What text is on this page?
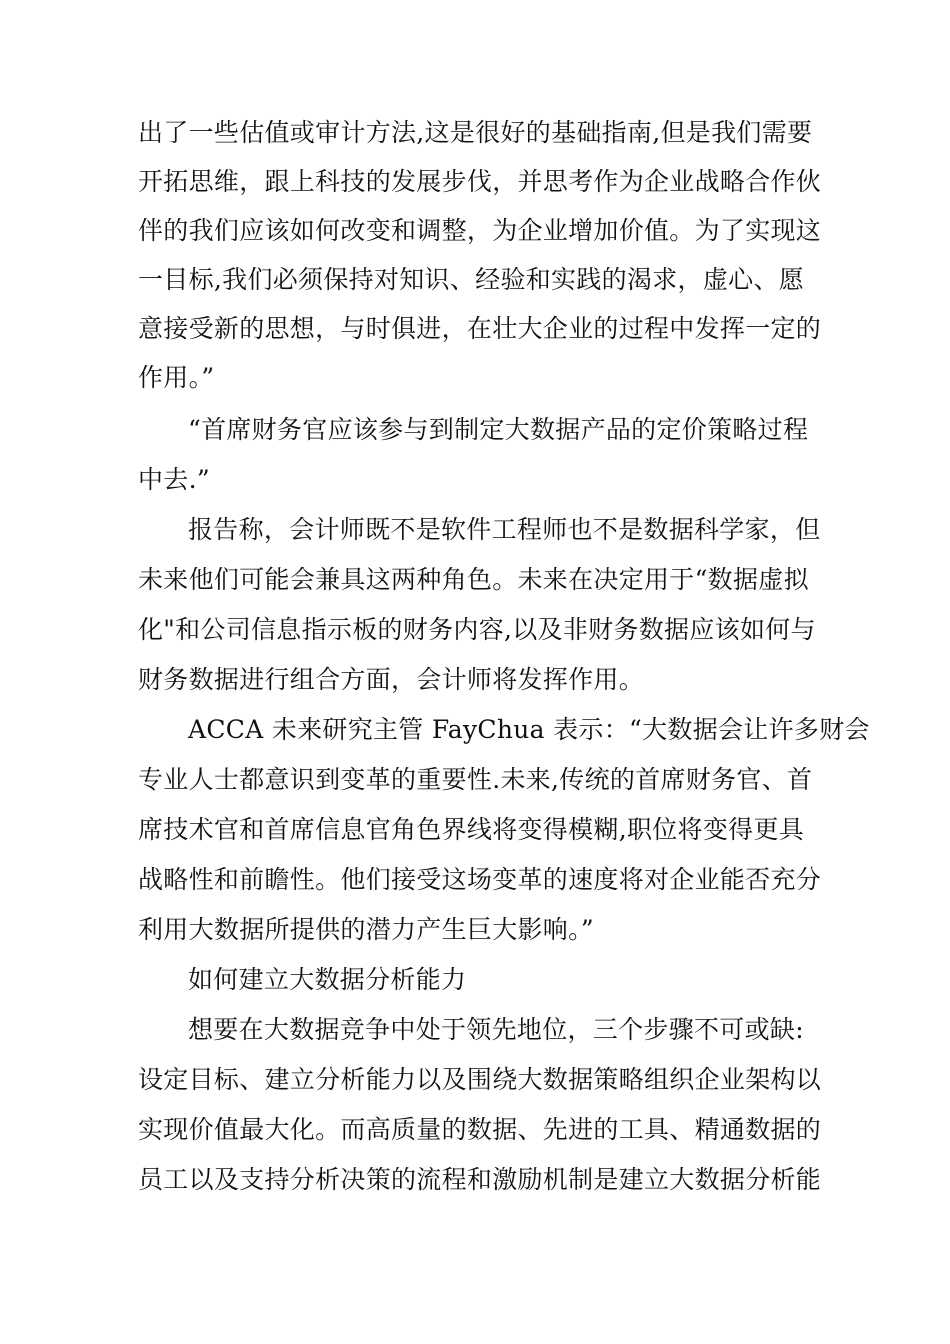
出了一些估值或审计方法,这是很好的基础指南,但是我们需要
开拓思维，跟上科技的发展步伐，并思考作为企业战略合作伙
伴的我们应该如何改变和调整，为企业增加价值。为了实现这
一目标,我们必须保持对知识、经验和实践的渴求，虚心、愿
意接受新的思想，与时俱进，在壮大企业的过程中发挥一定的
作用。”
“首席财务官应该参与到制定大数据产品的定价策略过程
中去.”
报告称，会计师既不是软件工程师也不是数据科学家，但
未来他们可能会兼具这两种角色。未来在决定用于“数据虚拟
化"和公司信息指示板的财务内容,以及非财务数据应该如何与
财务数据进行组合方面，会计师将发挥作用。
ACCA 未来研究主管 FayChua 表示：“大数据会让许多财会
专业人士都意识到变革的重要性.未来,传统的首席财务官、首
席技术官和首席信息官角色界线将变得模糊,职位将变得更具
战略性和前瞻性。他们接受这场变革的速度将对企业能否充分
利用大数据所提供的潜力产生巨大影响。”
如何建立大数据分析能力
想要在大数据竞争中处于领先地位，三个步骤不可或缺:
设定目标、建立分析能力以及围绕大数据策略组织企业架构以
实现价值最大化。而高质量的数据、先进的工具、精通数据的
员工以及支持分析决策的流程和激励机制是建立大数据分析能
